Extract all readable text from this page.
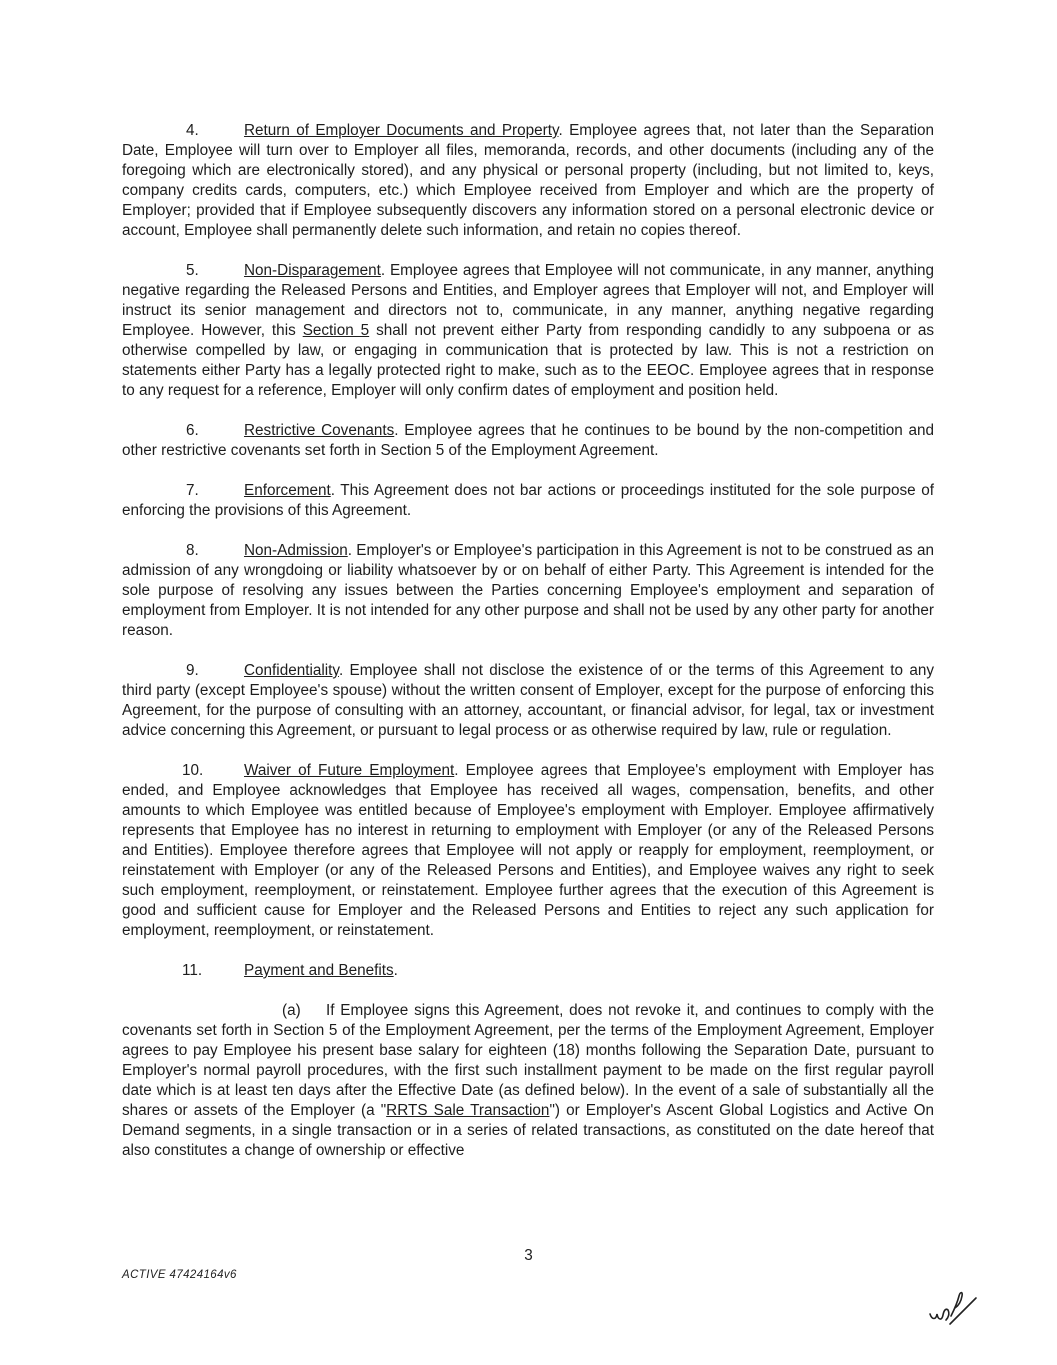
4.	Return of Employer Documents and Property. Employee agrees that, not later than the Separation Date, Employee will turn over to Employer all files, memoranda, records, and other documents (including any of the foregoing which are electronically stored), and any physical or personal property (including, but not limited to, keys, company credits cards, computers, etc.) which Employee received from Employer and which are the property of Employer; provided that if Employee subsequently discovers any information stored on a personal electronic device or account, Employee shall permanently delete such information, and retain no copies thereof.

5.	Non-Disparagement. Employee agrees that Employee will not communicate, in any manner, anything negative regarding the Released Persons and Entities, and Employer agrees that Employer will not, and Employer will instruct its senior management and directors not to, communicate, in any manner, anything negative regarding Employee. However, this Section 5 shall not prevent either Party from responding candidly to any subpoena or as otherwise compelled by law, or engaging in communication that is protected by law. This is not a restriction on statements either Party has a legally protected right to make, such as to the EEOC. Employee agrees that in response to any request for a reference, Employer will only confirm dates of employment and position held.

6.	Restrictive Covenants. Employee agrees that he continues to be bound by the non-competition and other restrictive covenants set forth in Section 5 of the Employment Agreement.

7.	Enforcement. This Agreement does not bar actions or proceedings instituted for the sole purpose of enforcing the provisions of this Agreement.

8.	Non-Admission. Employer's or Employee's participation in this Agreement is not to be construed as an admission of any wrongdoing or liability whatsoever by or on behalf of either Party. This Agreement is intended for the sole purpose of resolving any issues between the Parties concerning Employee's employment and separation of employment from Employer. It is not intended for any other purpose and shall not be used by any other party for another reason.

9.	Confidentiality. Employee shall not disclose the existence of or the terms of this Agreement to any third party (except Employee's spouse) without the written consent of Employer, except for the purpose of enforcing this Agreement, for the purpose of consulting with an attorney, accountant, or financial advisor, for legal, tax or investment advice concerning this Agreement, or pursuant to legal process or as otherwise required by law, rule or regulation.

10.	Waiver of Future Employment. Employee agrees that Employee's employment with Employer has ended, and Employee acknowledges that Employee has received all wages, compensation, benefits, and other amounts to which Employee was entitled because of Employee's employment with Employer. Employee affirmatively represents that Employee has no interest in returning to employment with Employer (or any of the Released Persons and Entities). Employee therefore agrees that Employee will not apply or reapply for employment, reemployment, or reinstatement with Employer (or any of the Released Persons and Entities), and Employee waives any right to seek such employment, reemployment, or reinstatement. Employee further agrees that the execution of this Agreement is good and sufficient cause for Employer and the Released Persons and Entities to reject any such application for employment, reemployment, or reinstatement.

11.	Payment and Benefits.

(a) If Employee signs this Agreement, does not revoke it, and continues to comply with the covenants set forth in Section 5 of the Employment Agreement, per the terms of the Employment Agreement, Employer agrees to pay Employee his present base salary for eighteen (18) months following the Separation Date, pursuant to Employer's normal payroll procedures, with the first such installment payment to be made on the first regular payroll date which is at least ten days after the Effective Date (as defined below). In the event of a sale of substantially all the shares or assets of the Employer (a "RRTS Sale Transaction") or Employer's Ascent Global Logistics and Active On Demand segments, in a single transaction or in a series of related transactions, as constituted on the date hereof that also constitutes a change of ownership or effective

3
ACTIVE 47424164v6
